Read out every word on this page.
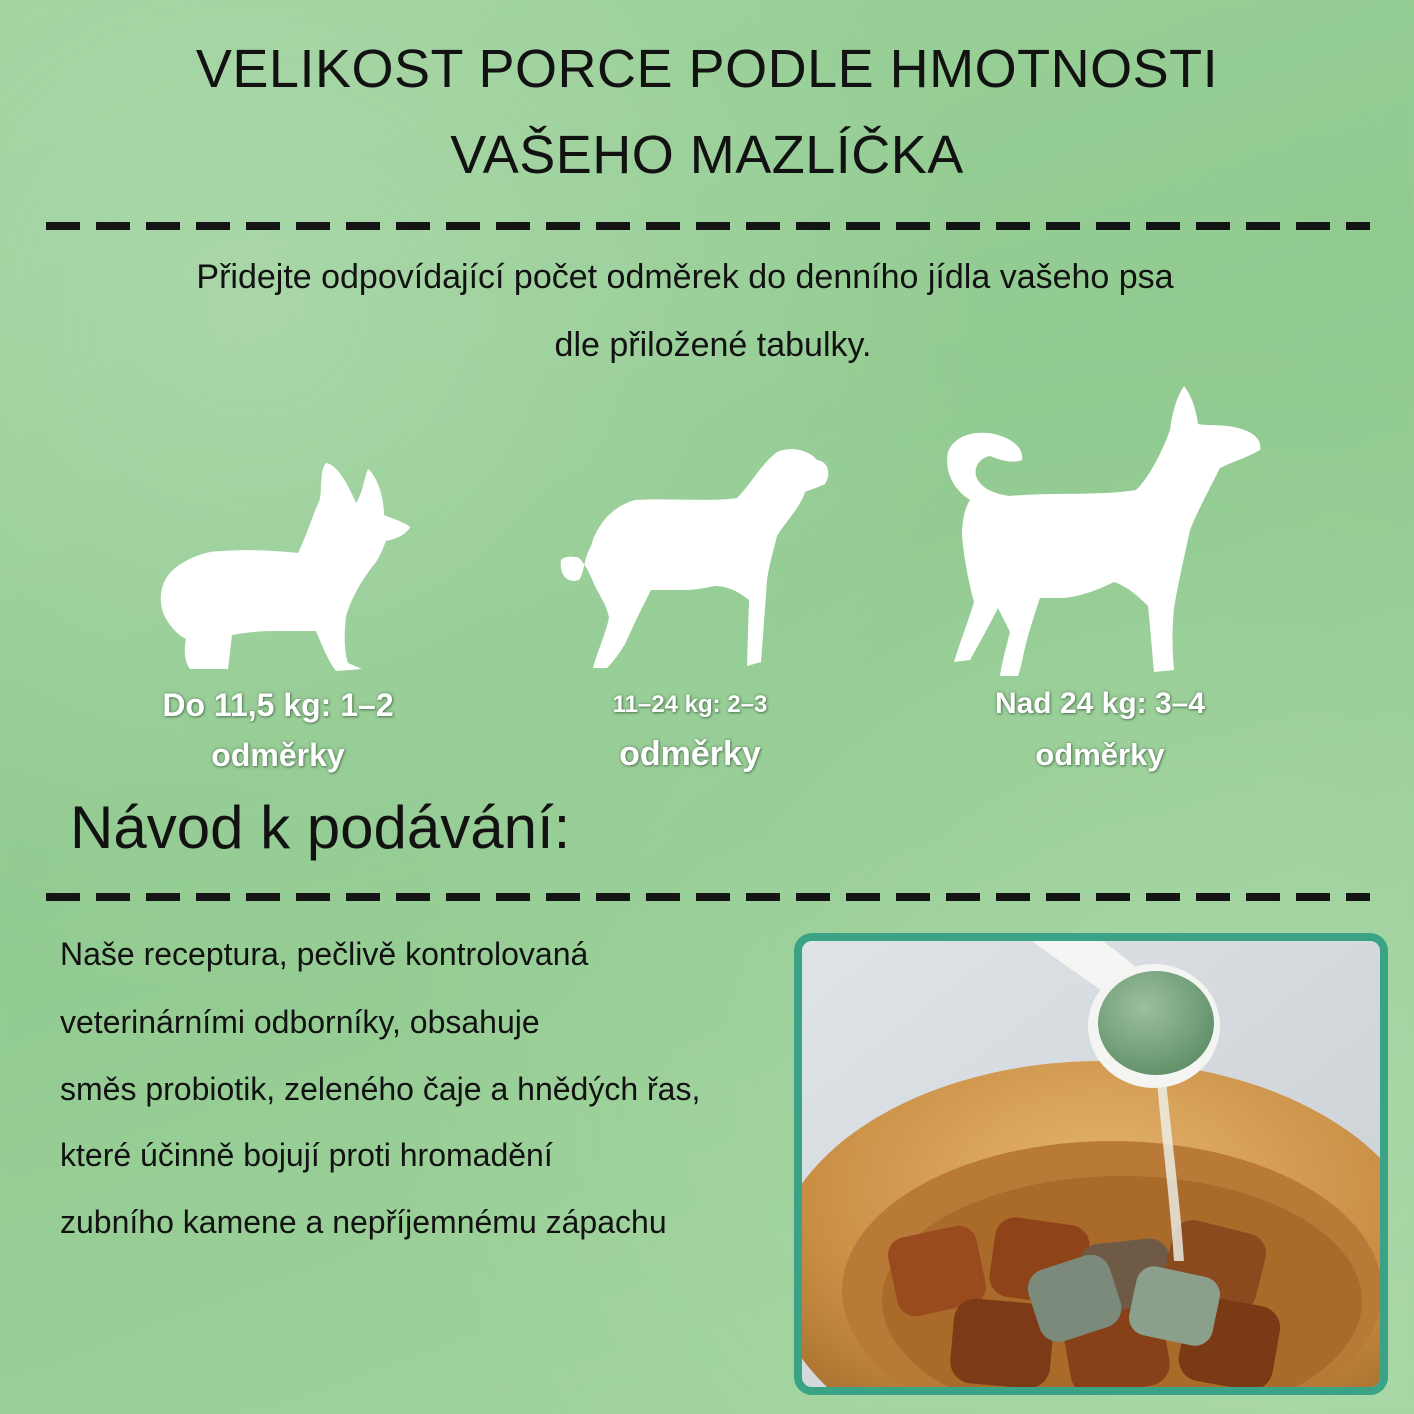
VELIKOST PORCE PODLE HMOTNOSTI
VAŠEHO MAZLÍČKA
Přidejte odpovídající počet odměrek do denního jídla vašeho psa
dle přiložené tabulky.
Do 11,5 kg: 1–2
odměrky
11–24 kg: 2–3
odměrky
Nad 24 kg: 3–4
odměrky
Návod k podávání:
Naše receptura, pečlivě kontrolovaná
veterinárními odborníky, obsahuje
směs probiotik, zeleného čaje a hnědých řas,
které účinně bojují proti hromadění
zubního kamene a nepříjemnému zápachu
